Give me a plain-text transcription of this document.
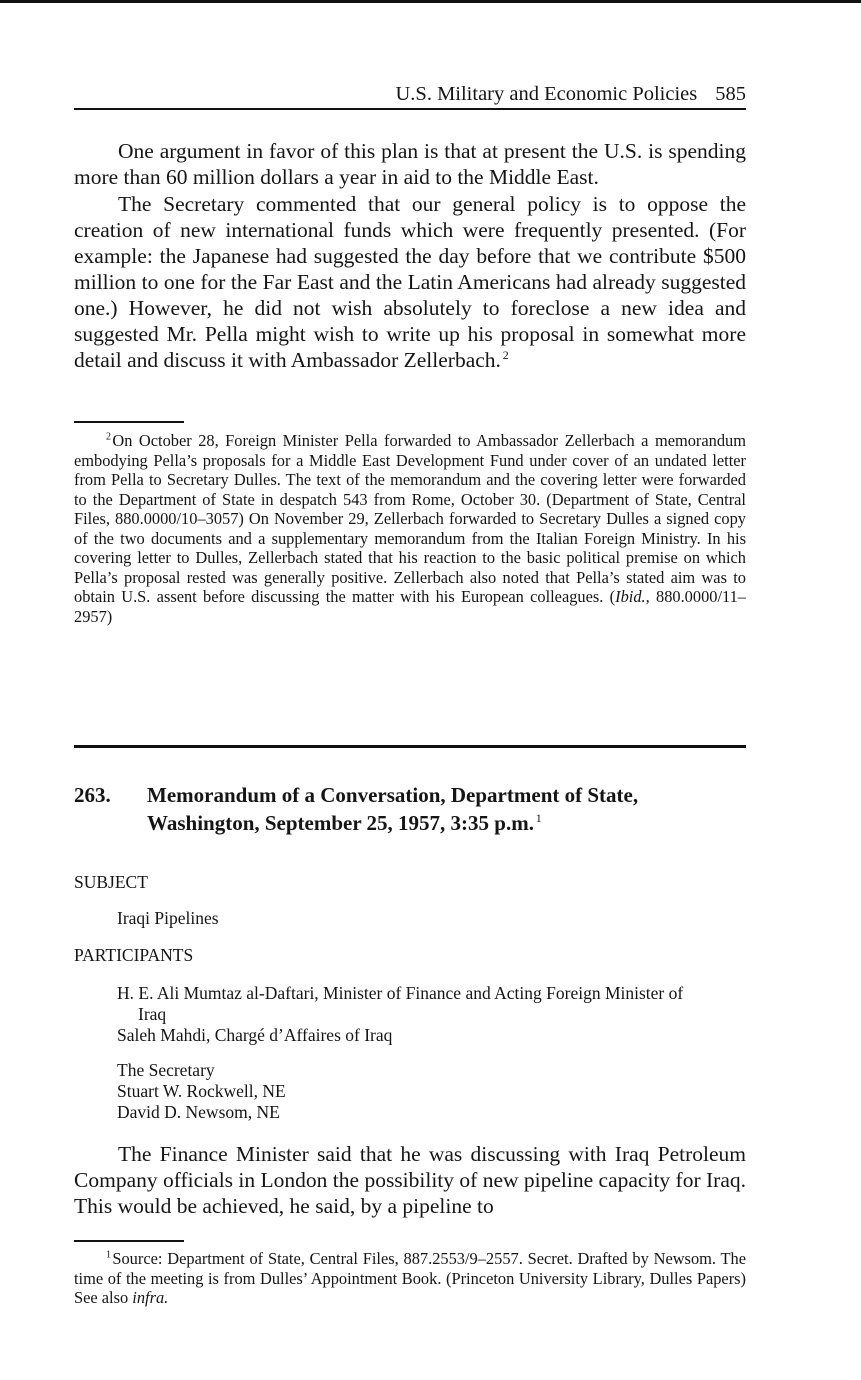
U.S. Military and Economic Policies 585

One argument in favor of this plan is that at present the U.S. is spending more than 60 million dollars a year in aid to the Middle East.

The Secretary commented that our general policy is to oppose the creation of new international funds which were frequently presented. (For example: the Japanese had suggested the day before that we contribute $500 million to one for the Far East and the Latin Americans had already suggested one.) However, he did not wish absolutely to foreclose a new idea and suggested Mr. Pella might wish to write up his proposal in somewhat more detail and discuss it with Ambassador Zellerbach.  $^2$

$^2$ On October 28, Foreign Minister Pella forwarded to Ambassador Zellerbach a memorandum embodying Pella’s proposals for a Middle East Development Fund under cover of an undated letter from Pella to Secretary Dulles. The text of the memorandum and the covering letter were forwarded to the Department of State in despatch 543 from Rome, October 30. (Department of State, Central Files, 880.0000/10–3057) On November 29, Zellerbach forwarded to Secretary Dulles a signed copy of the two documents and a supplementary memorandum from the Italian Foreign Ministry. In his covering letter to Dulles, Zellerbach stated that his reaction to the basic political premise on which Pella’s proposal rested was generally positive. Zellerbach also noted that Pella’s stated aim was to obtain U.S. assent before discussing the matter with his European colleagues. (Ibid., 880.0000/11–2957)

263. Memorandum of a Conversation, Department of State,
Washington, September 25, 1957, 3:35 p.m.  $^1$
SUBJECT
Iraqi Pipelines
PARTICIPANTS
H. E. Ali Mumtaz al-Daftari, Minister of Finance and Acting Foreign Minister of
Iraq
Saleh Mahdi, Chargé d’Affaires of Iraq
The Secretary
Stuart W. Rockwell, NE
David D. Newsom, NE

The Finance Minister said that he was discussing with Iraq Petroleum Company officials in London the possibility of new pipeline capacity for Iraq. This would be achieved, he said, by a pipeline to

$^1$ Source: Department of State, Central Files, 887.2553/9–2557. Secret. Drafted by Newsom. The time of the meeting is from Dulles’ Appointment Book. (Princeton University Library, Dulles Papers) See also infra.
